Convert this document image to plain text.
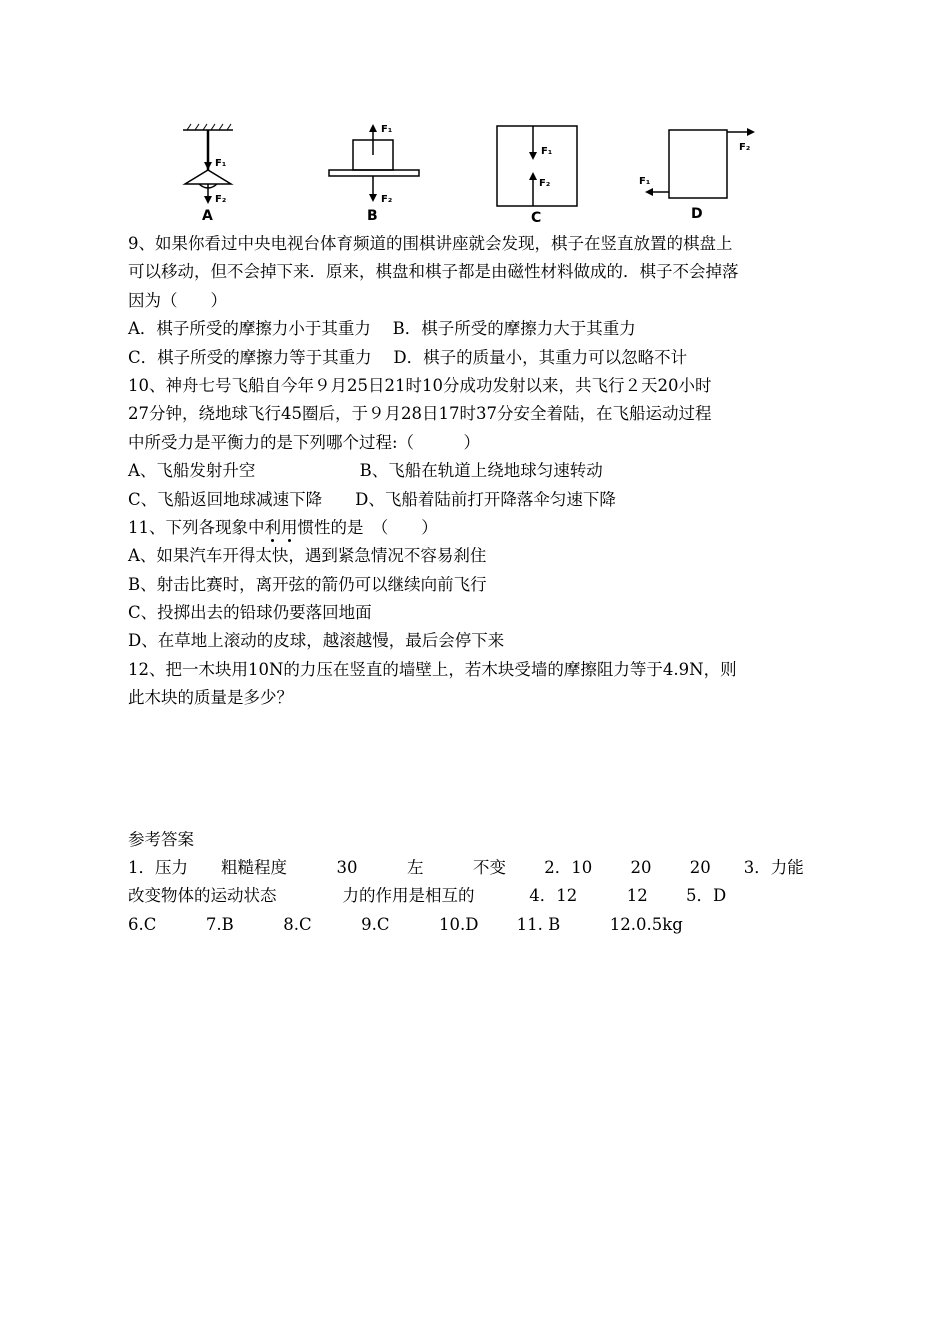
F₁
F₂
A
F₁
F₂
B
F₁
F₂
C
F₂
F₁
D
9、如果你看过中央电视台体育频道的围棋讲座就会发现，棋子在竖直放置的棋盘上
可以移动，但不会掉下来．原来，棋盘和棋子都是由磁性材料做成的．棋子不会掉落
因为（　　）
A．棋子所受的摩擦力小于其重力　 B．棋子所受的摩擦力大于其重力
C．棋子所受的摩擦力等于其重力　 D．棋子的质量小，其重力可以忽略不计
10、神舟七号飞船自今年９月25日21时10分成功发射以来，共飞行２天20小时
27分钟，绕地球飞行45圈后，于９月28日17时37分安全着陆，在飞船运动过程
中所受力是平衡力的是下列哪个过程:（　　　）
A、飞船发射升空　　　　　　 B、飞船在轨道上绕地球匀速转动
C、飞船返回地球减速下降　　D、飞船着陆前打开降落伞匀速下降
11、下列各现象中利用惯性的是　（　　）
A、如果汽车开得太快，遇到紧急情况不容易刹住
B、射击比赛时，离开弦的箭仍可以继续向前飞行
C、投掷出去的铅球仍要落回地面
D、在草地上滚动的皮球，越滚越慢，最后会停下来
12、把一木块用10N的力压在竖直的墙壁上，若木块受墙的摩擦阻力等于4.9N，则
此木块的质量是多少？
参考答案
1．压力　　粗糙程度　　　30　　　左　　　不变　　 2．10　　 20　　 20　　3．力能
改变物体的运动状态　　　　力的作用是相互的　　　 4．12　　　12　　 5．D
6.C　　　7.B　　　8.C　　　9.C　　　10.D　　 11. B　　　12.0.5kg
